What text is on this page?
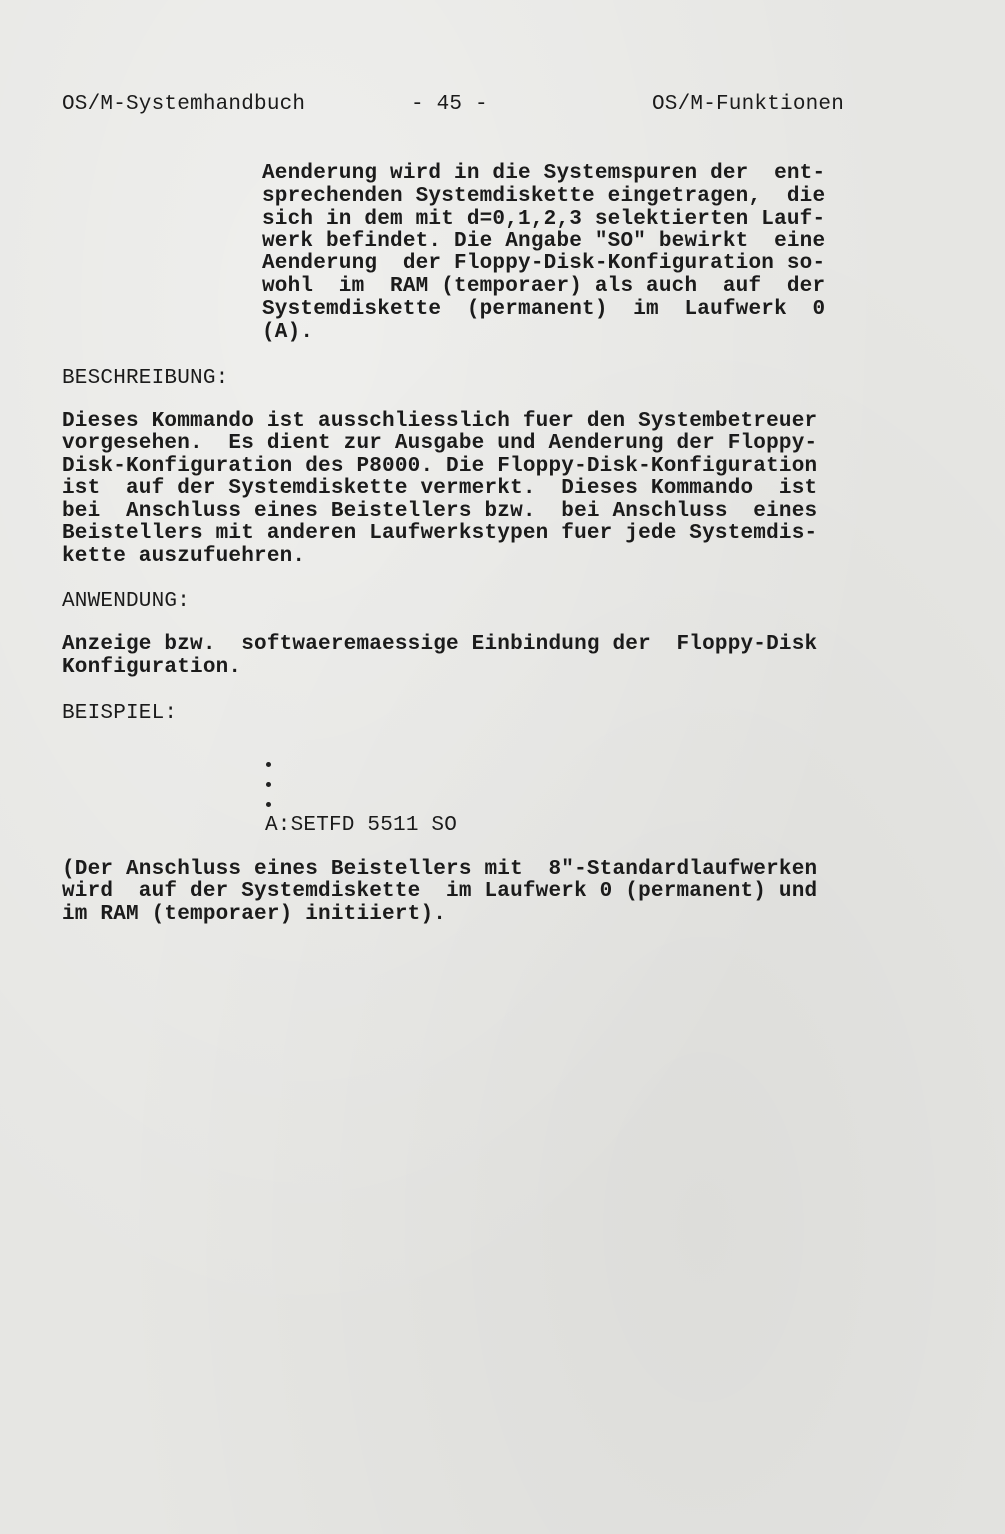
OS/M-Systemhandbuch	- 45 -	OS/M-Funktionen
Aenderung wird in die Systemspuren der  ent-
sprechenden Systemdiskette eingetragen,  die
sich in dem mit d=0,1,2,3 selektierten Lauf-
werk befindet. Die Angabe "SO" bewirkt  eine
Aenderung  der Floppy-Disk-Konfiguration so-
wohl  im  RAM (temporaer) als auch  auf  der
Systemdiskette  (permanent)  im  Laufwerk  0
(A).
BESCHREIBUNG:
Dieses Kommando ist ausschliesslich fuer den Systembetreuer
vorgesehen.  Es dient zur Ausgabe und Aenderung der Floppy-
Disk-Konfiguration des P8000. Die Floppy-Disk-Konfiguration
ist  auf der Systemdiskette vermerkt.  Dieses Kommando  ist
bei  Anschluss eines Beistellers bzw.  bei Anschluss  eines
Beistellers mit anderen Laufwerkstypen fuer jede Systemdis-
kette auszufuehren.
ANWENDUNG:
Anzeige bzw.  softwaeremaessige Einbindung der  Floppy-Disk
Konfiguration.
BEISPIEL:
A:SETFD 5511 SO
(Der Anschluss eines Beistellers mit  8"-Standardlaufwerken
wird  auf der Systemdiskette  im Laufwerk 0 (permanent) und
im RAM (temporaer) initiiert).
